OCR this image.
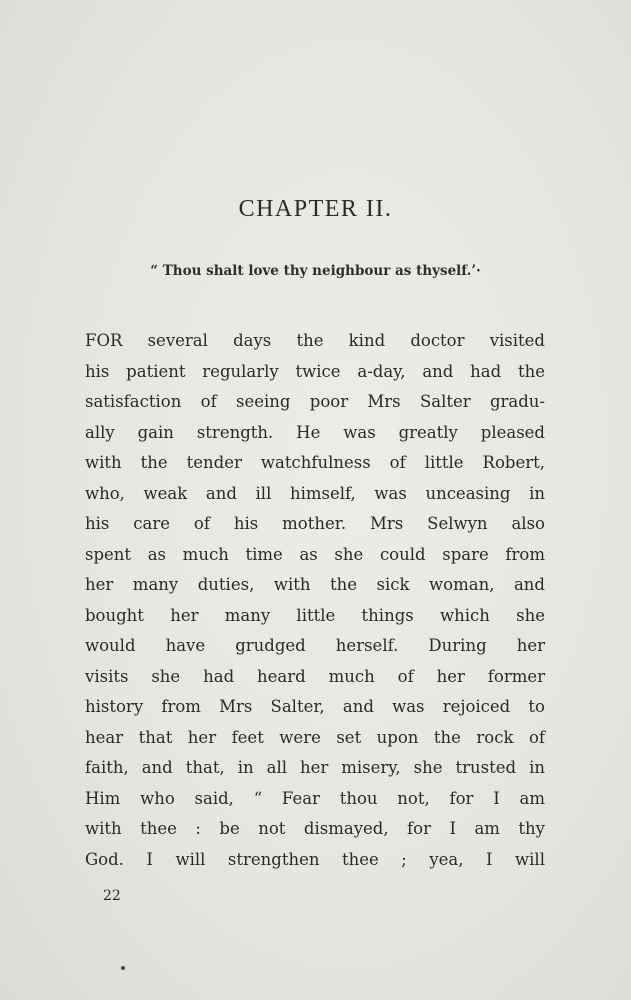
CHAPTER II.
“ Thou shalt love thy neighbour as thyself.’·
FOR several days the kind doctor visited
his patient regularly twice a-day, and had the
satisfaction of seeing poor Mrs Salter gradu-
ally gain strength. He was greatly pleased
with the tender watchfulness of little Robert,
who, weak and ill himself, was unceasing in
his care of his mother. Mrs Selwyn also
spent as much time as she could spare from
her many duties, with the sick woman, and
bought her many little things which she
would have grudged herself. During her
visits she had heard much of her former
history from Mrs Salter, and was rejoiced to
hear that her feet were set upon the rock of
faith, and that, in all her misery, she trusted in
Him who said, “ Fear thou not, for I am
with thee : be not dismayed, for I am thy
God. I will strengthen thee ; yea, I will
22
